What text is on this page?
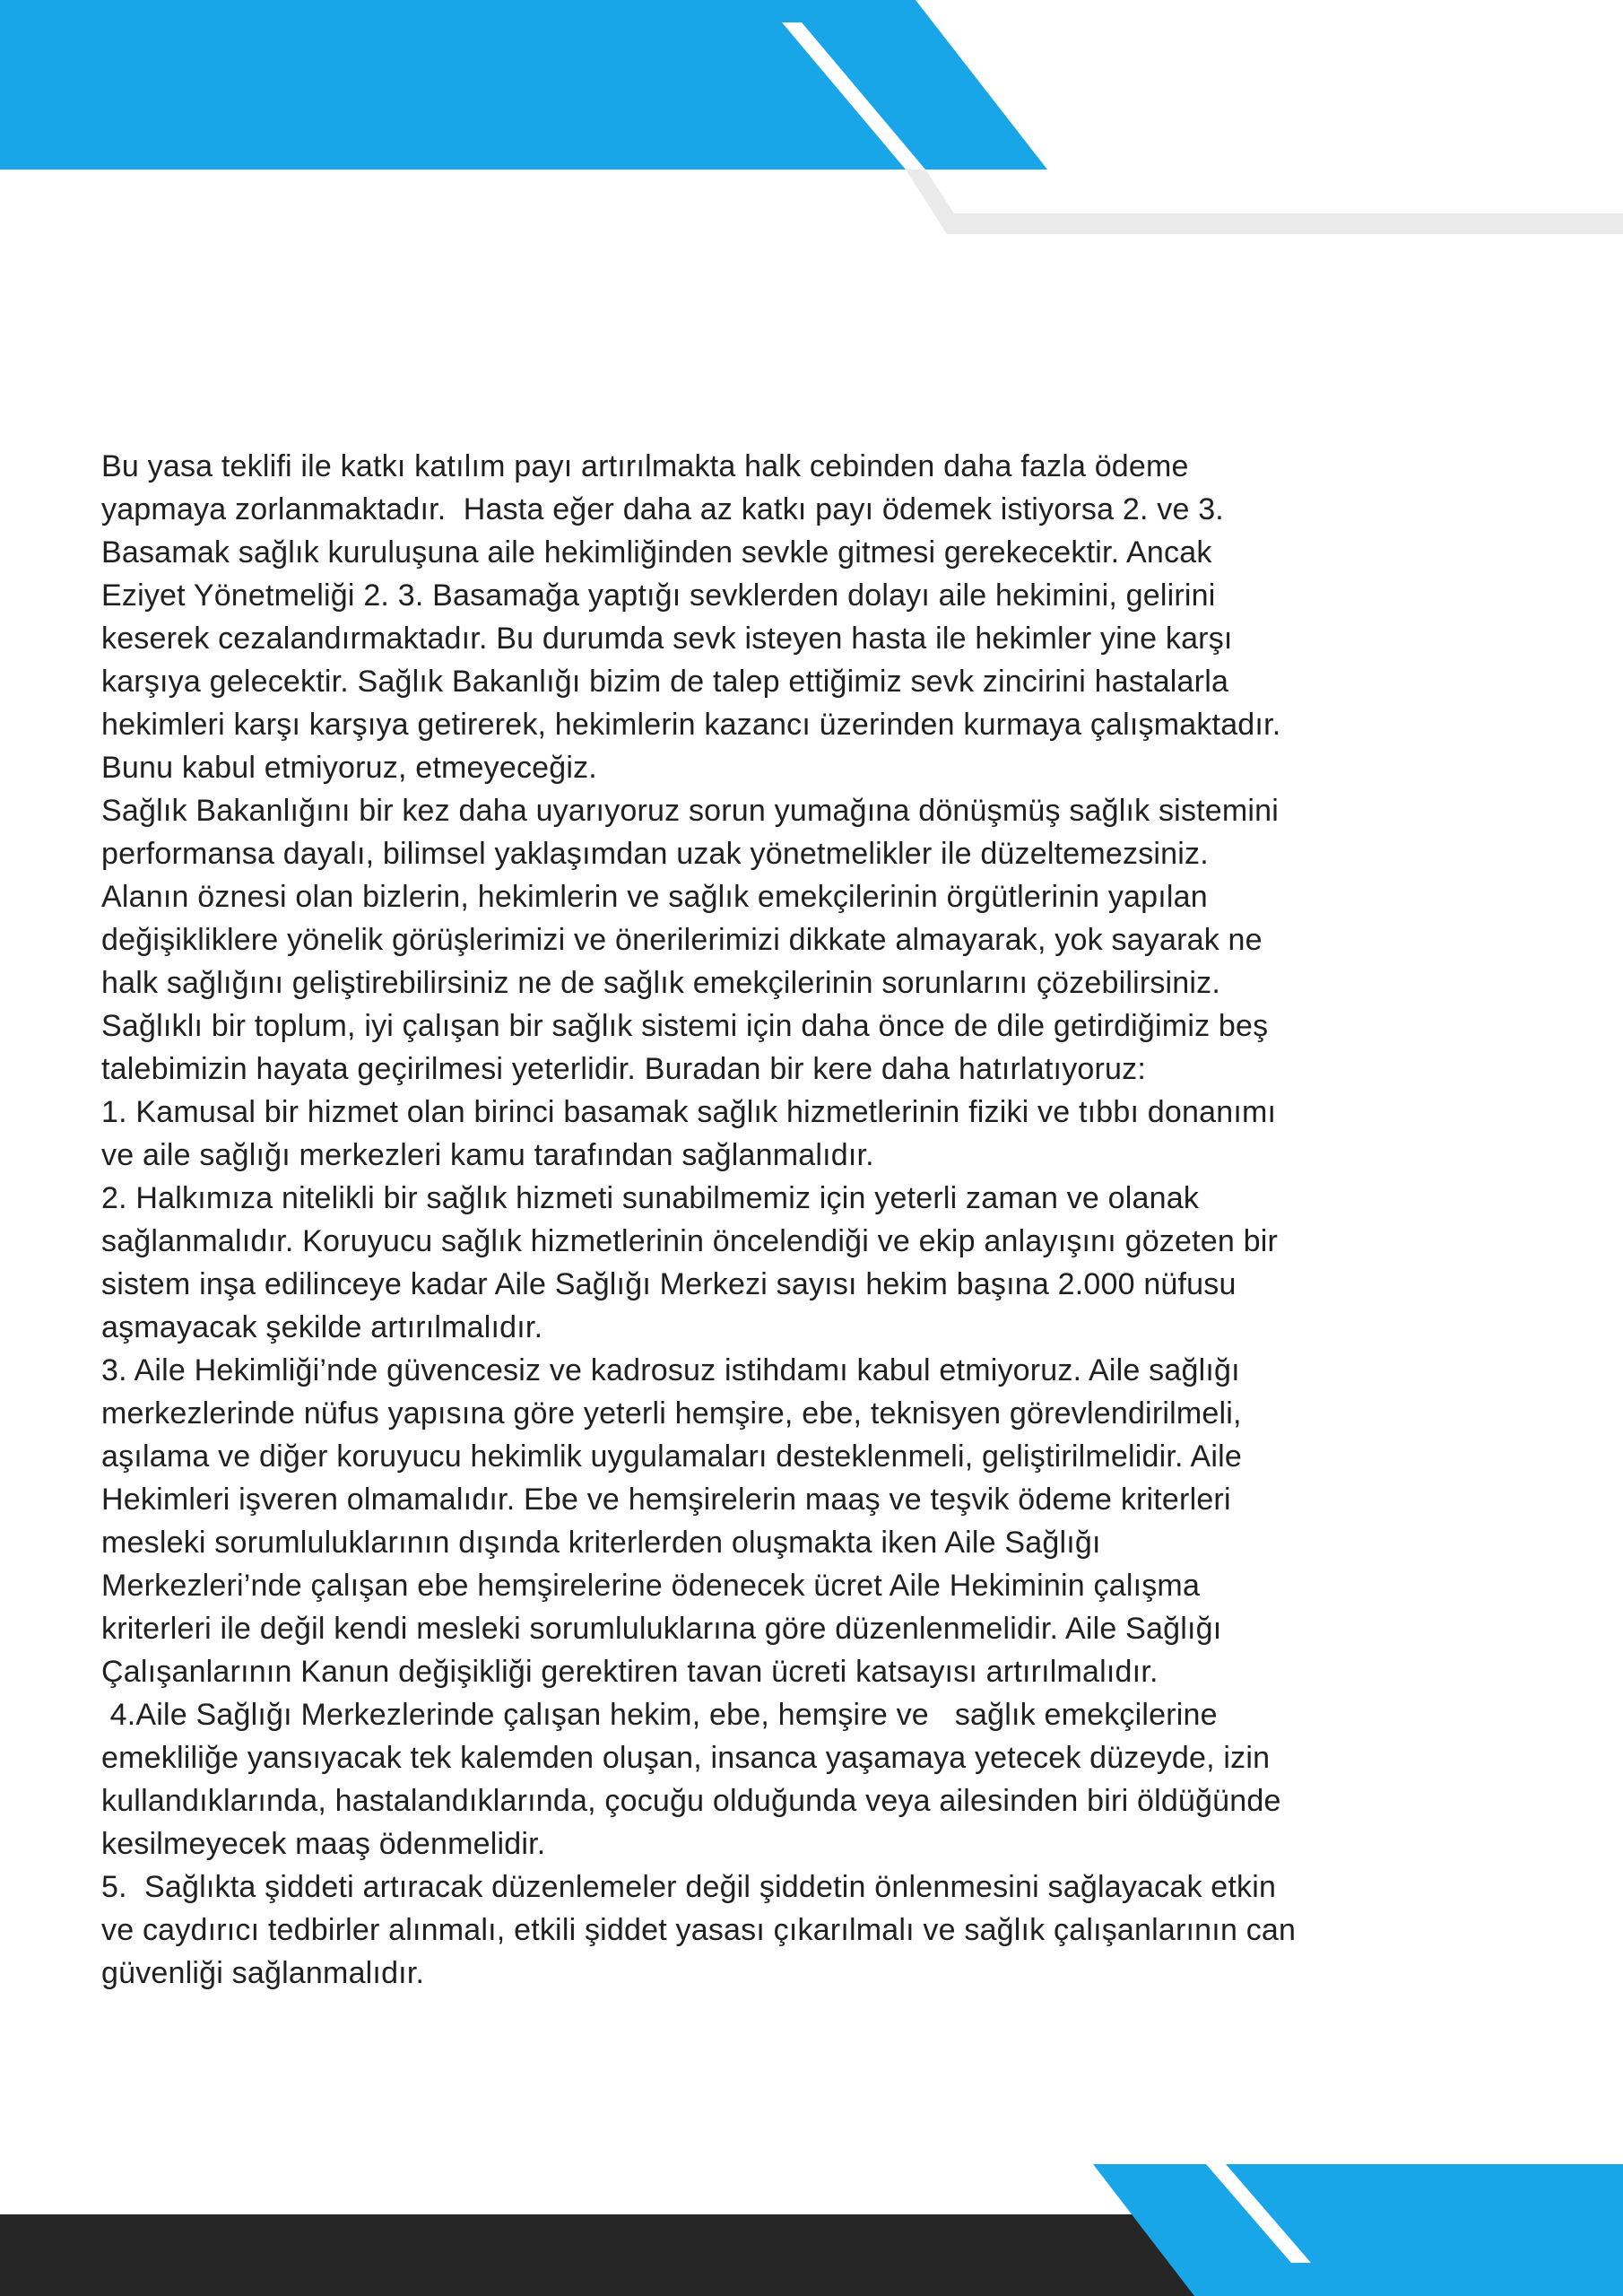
Bu yasa teklifi ile katkı katılım payı artırılmakta halk cebinden daha fazla ödeme
yapmaya zorlanmaktadır.  Hasta eğer daha az katkı payı ödemek istiyorsa 2. ve 3.
Basamak sağlık kuruluşuna aile hekimliğinden sevkle gitmesi gerekecektir. Ancak
Eziyet Yönetmeliği 2. 3. Basamağa yaptığı sevklerden dolayı aile hekimini, gelirini
keserek cezalandırmaktadır. Bu durumda sevk isteyen hasta ile hekimler yine karşı
karşıya gelecektir. Sağlık Bakanlığı bizim de talep ettiğimiz sevk zincirini hastalarla
hekimleri karşı karşıya getirerek, hekimlerin kazancı üzerinden kurmaya çalışmaktadır.
Bunu kabul etmiyoruz, etmeyeceğiz.
Sağlık Bakanlığını bir kez daha uyarıyoruz sorun yumağına dönüşmüş sağlık sistemini
performansa dayalı, bilimsel yaklaşımdan uzak yönetmelikler ile düzeltemezsiniz.
Alanın öznesi olan bizlerin, hekimlerin ve sağlık emekçilerinin örgütlerinin yapılan
değişikliklere yönelik görüşlerimizi ve önerilerimizi dikkate almayarak, yok sayarak ne
halk sağlığını geliştirebilirsiniz ne de sağlık emekçilerinin sorunlarını çözebilirsiniz.
Sağlıklı bir toplum, iyi çalışan bir sağlık sistemi için daha önce de dile getirdiğimiz beş
talebimizin hayata geçirilmesi yeterlidir. Buradan bir kere daha hatırlatıyoruz:
1. Kamusal bir hizmet olan birinci basamak sağlık hizmetlerinin fiziki ve tıbbı donanımı
ve aile sağlığı merkezleri kamu tarafından sağlanmalıdır.
2. Halkımıza nitelikli bir sağlık hizmeti sunabilmemiz için yeterli zaman ve olanak
sağlanmalıdır. Koruyucu sağlık hizmetlerinin öncelendiği ve ekip anlayışını gözeten bir
sistem inşa edilinceye kadar Aile Sağlığı Merkezi sayısı hekim başına 2.000 nüfusu
aşmayacak şekilde artırılmalıdır.
3. Aile Hekimliği’nde güvencesiz ve kadrosuz istihdamı kabul etmiyoruz. Aile sağlığı
merkezlerinde nüfus yapısına göre yeterli hemşire, ebe, teknisyen görevlendirilmeli,
aşılama ve diğer koruyucu hekimlik uygulamaları desteklenmeli, geliştirilmelidir. Aile
Hekimleri işveren olmamalıdır. Ebe ve hemşirelerin maaş ve teşvik ödeme kriterleri
mesleki sorumluluklarının dışında kriterlerden oluşmakta iken Aile Sağlığı
Merkezleri’nde çalışan ebe hemşirelerine ödenecek ücret Aile Hekiminin çalışma
kriterleri ile değil kendi mesleki sorumluluklarına göre düzenlenmelidir. Aile Sağlığı
Çalışanlarının Kanun değişikliği gerektiren tavan ücreti katsayısı artırılmalıdır.
4.Aile Sağlığı Merkezlerinde çalışan hekim, ebe, hemşire ve   sağlık emekçilerine
emekliliğe yansıyacak tek kalemden oluşan, insanca yaşamaya yetecek düzeyde, izin
kullandıklarında, hastalandıklarında, çocuğu olduğunda veya ailesinden biri öldüğünde
kesilmeyecek maaş ödenmelidir.
5.  Sağlıkta şiddeti artıracak düzenlemeler değil şiddetin önlenmesini sağlayacak etkin
ve caydırıcı tedbirler alınmalı, etkili şiddet yasası çıkarılmalı ve sağlık çalışanlarının can
güvenliği sağlanmalıdır.
